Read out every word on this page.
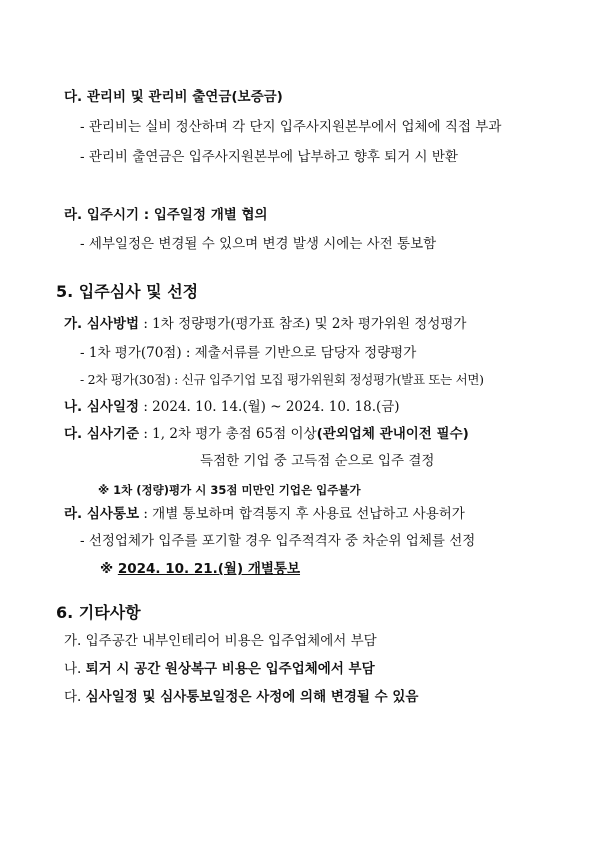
다. 관리비 및 관리비 출연금(보증금)
- 관리비는 실비 정산하며 각 단지 입주사지원본부에서 업체에 직접 부과
- 관리비 출연금은 입주사지원본부에 납부하고 향후 퇴거 시 반환
라. 입주시기 : 입주일정 개별 협의
- 세부일정은 변경될 수 있으며 변경 발생 시에는 사전 통보함
5. 입주심사 및 선정
가. 심사방법 : 1차 정량평가(평가표 참조) 및 2차 평가위원 정성평가
- 1차 평가(70점) : 제출서류를 기반으로 담당자 정량평가
- 2차 평가(30점) : 신규 입주기업 모집 평가위원회 정성평가(발표 또는 서면)
나. 심사일정 : 2024. 10. 14.(월) ~ 2024. 10. 18.(금)
다. 심사기준 : 1, 2차 평가 총점 65점 이상(관외업체 관내이전 필수)
득점한 기업 중 고득점 순으로 입주 결정
※ 1차 (정량)평가 시 35점 미만인 기업은 입주불가
라. 심사통보 : 개별 통보하며 합격통지 후 사용료 선납하고 사용허가
- 선정업체가 입주를 포기할 경우 입주적격자 중 차순위 업체를 선정
※ 2024. 10. 21.(월) 개별통보
6. 기타사항
가. 입주공간 내부인테리어 비용은 입주업체에서 부담
나. 퇴거 시 공간 원상복구 비용은 입주업체에서 부담
다. 심사일정 및 심사통보일정은 사정에 의해 변경될 수 있음
